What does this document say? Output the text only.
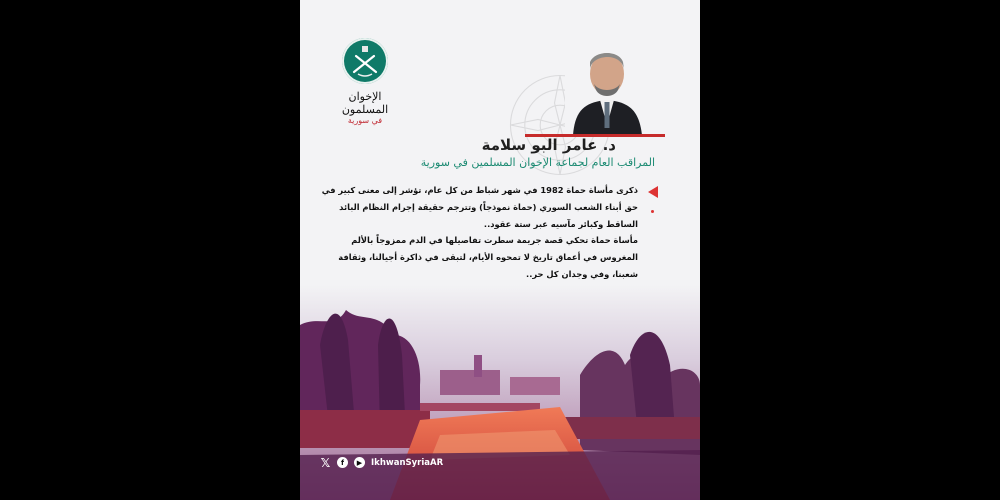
الإخوان المسلمون
في سورية
د. عامر البو سلامة
المراقب العام لجماعة الإخوان المسلمين في سورية
ذكرى مأساة حماة 1982 في شهر شباط من كل عام، تؤشر إلى معنى كبير في حق أبناء الشعب السوري (حماة نموذجاً) وتترجم حقيقة إجرام النظام البائد الساقط وكبائر مآسيه عبر ستة عقود..
مأساة حماة تحكي قصة جريمة سطرت تفاصيلها في الدم ممزوجاً بالألم المغروس في أعماق تاريخ لا تمحوه الأيام، لتبقى في ذاكرة أجيالنا، وثقافة شعبنا، وفي وجدان كل حر..
𝕏	f	▶	IkhwanSyriaAR
